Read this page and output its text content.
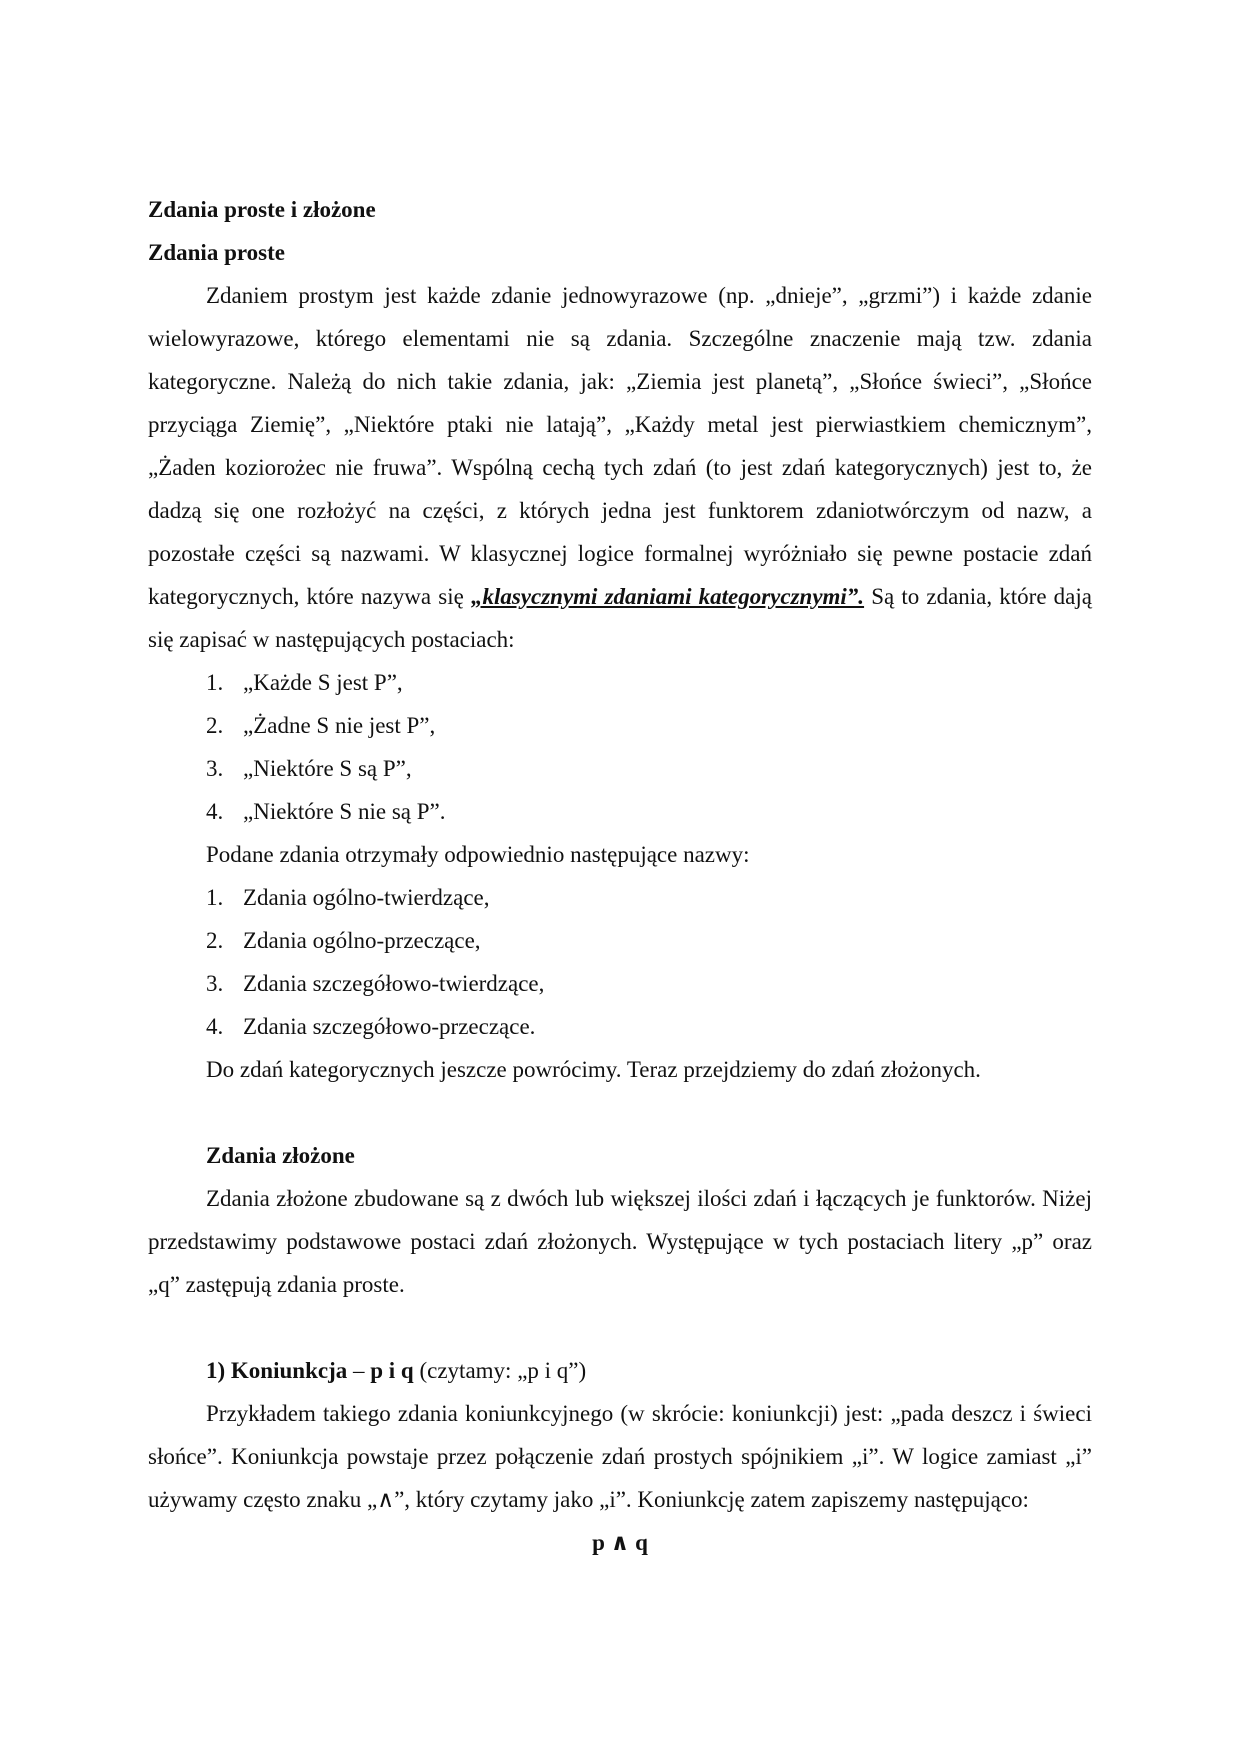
Zdania proste i złożone

Zdania proste

Zdaniem prostym jest każde zdanie jednowyrazowe (np. „dnieje”, „grzmi”) i każde zdanie wielowyrazowe, którego elementami nie są zdania. Szczególne znaczenie mają tzw. zdania kategoryczne. Należą do nich takie zdania, jak: „Ziemia jest planetą”, „Słońce świeci”, „Słońce przyciąga Ziemię”, „Niektóre ptaki nie latają”, „Każdy metal jest pierwiastkiem chemicznym”, „Żaden koziorożec nie fruwa”. Wspólną cechą tych zdań (to jest zdań kategorycznych) jest to, że dadzą się one rozłożyć na części, z których jedna jest funktorem zdaniotwórczym od nazw, a pozostałe części są nazwami. W klasycznej logice formalnej wyróżniało się pewne postacie zdań kategorycznych, które nazywa się „klasycznymi zdaniami kategorycznymi”. Są to zdania, które dają się zapisać w następujących postaciach:

1. „Każde S jest P”,
2. „Żadne S nie jest P”,
3. „Niektóre S są P”,
4. „Niektóre S nie są P”.

Podane zdania otrzymały odpowiednio następujące nazwy:

1. Zdania ogólno-twierdzące,
2. Zdania ogólno-przeczące,
3. Zdania szczegółowo-twierdzące,
4. Zdania szczegółowo-przeczące.

Do zdań kategorycznych jeszcze powrócimy. Teraz przejdziemy do zdań złożonych.

Zdania złożone

Zdania złożone zbudowane są z dwóch lub większej ilości zdań i łączących je funktorów. Niżej przedstawimy podstawowe postaci zdań złożonych. Występujące w tych postaciach litery „p” oraz „q” zastępują zdania proste.

1) Koniunkcja – p i q (czytamy: „p i q”)

Przykładem takiego zdania koniunkcyjnego (w skrócie: koniunkcji) jest: „pada deszcz i świeci słońce”. Koniunkcja powstaje przez połączenie zdań prostych spójnikiem „i”. W logice zamiast „i” używamy często znaku „∧”, który czytamy jako „i”. Koniunkcję zatem zapiszemy następująco:

p ∧ q
